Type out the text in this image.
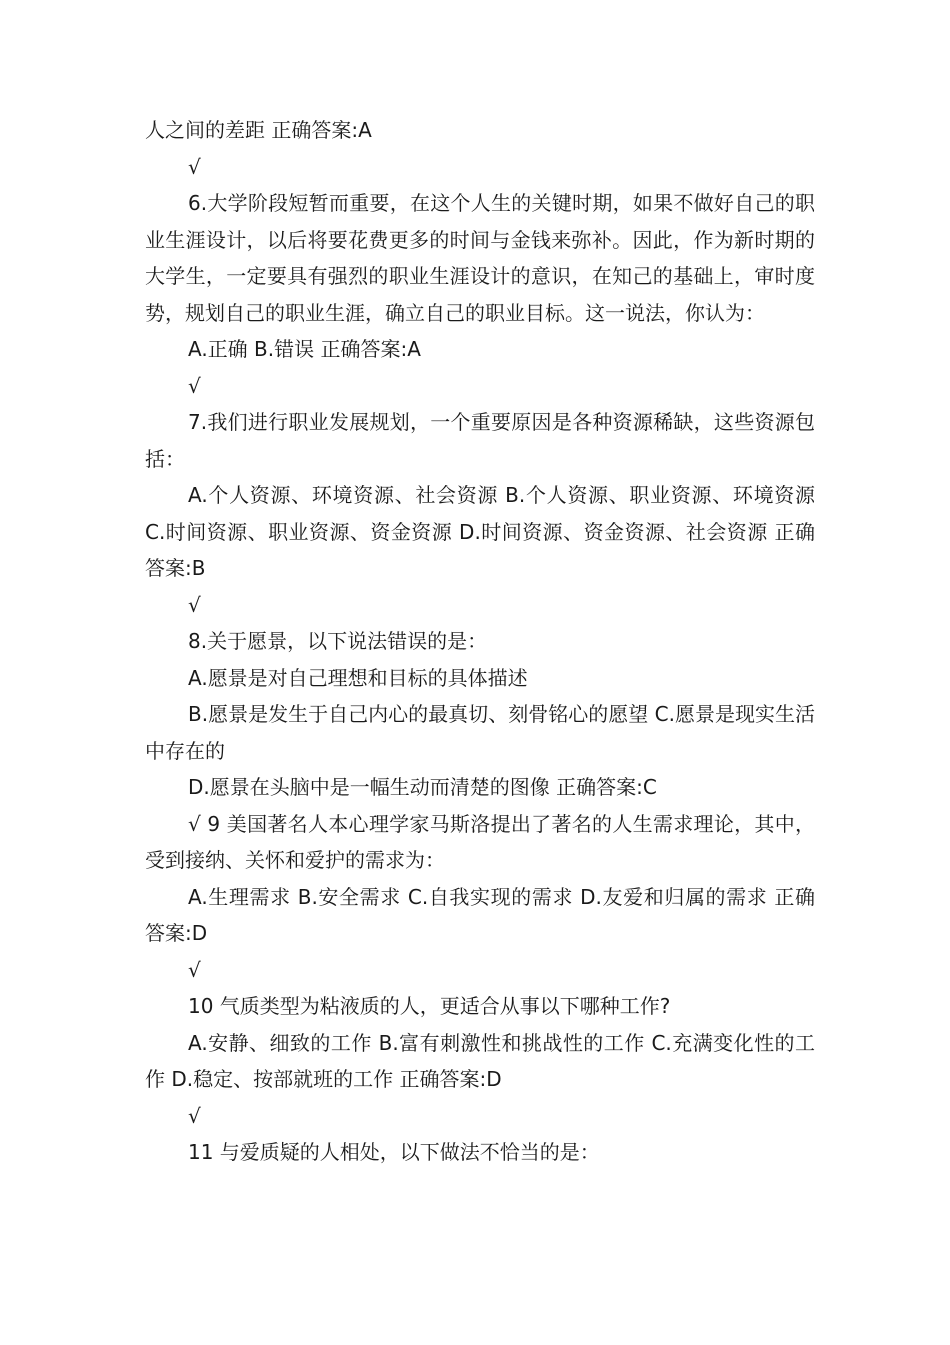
人之间的差距 正确答案:A

√

6.大学阶段短暂而重要，在这个人生的关键时期，如果不做好自己的职业生涯设计，以后将要花费更多的时间与金钱来弥补。因此，作为新时期的大学生，一定要具有强烈的职业生涯设计的意识，在知己的基础上，审时度势，规划自己的职业生涯，确立自己的职业目标。这一说法，你认为：

A.正确 B.错误 正确答案:A

√

7.我们进行职业发展规划，一个重要原因是各种资源稀缺，这些资源包括：

A.个人资源、环境资源、社会资源 B.个人资源、职业资源、环境资源 C.时间资源、职业资源、资金资源 D.时间资源、资金资源、社会资源 正确答案:B

√

8.关于愿景，以下说法错误的是：

A.愿景是对自己理想和目标的具体描述

B.愿景是发生于自己内心的最真切、刻骨铭心的愿望 C.愿景是现实生活中存在的

D.愿景在头脑中是一幅生动而清楚的图像 正确答案:C

√ 9 美国著名人本心理学家马斯洛提出了著名的人生需求理论，其中，受到接纳、关怀和爱护的需求为：

A.生理需求 B.安全需求 C.自我实现的需求 D.友爱和归属的需求 正确答案:D

√

10 气质类型为粘液质的人，更适合从事以下哪种工作?

A.安静、细致的工作 B.富有刺激性和挑战性的工作 C.充满变化性的工作 D.稳定、按部就班的工作 正确答案:D

√

11 与爱质疑的人相处，以下做法不恰当的是：
